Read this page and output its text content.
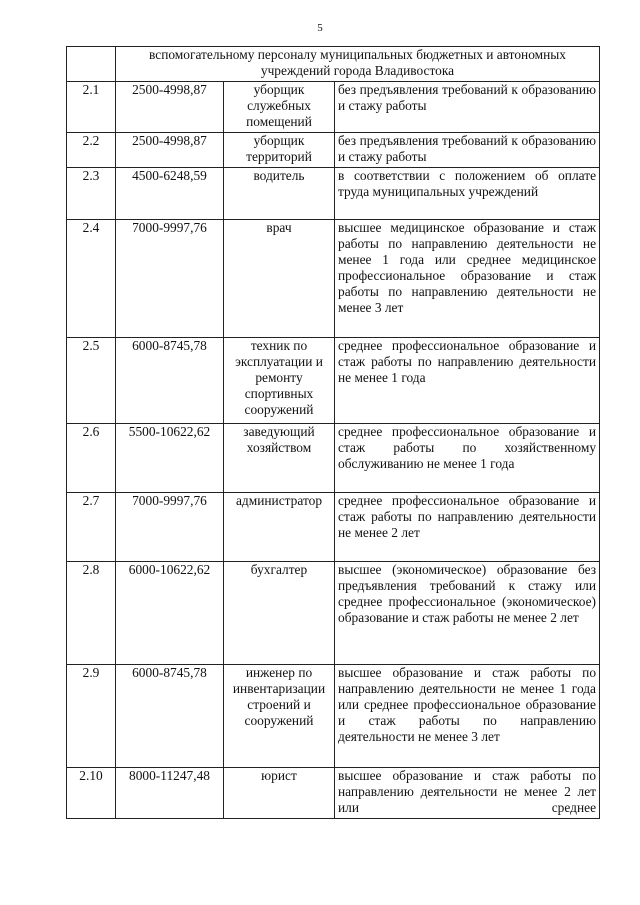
5
	вспомогательному персоналу муниципальных бюджетных и автономных учреждений города Владивостока		
2.1	2500-4998,87	уборщик служебных помещений	без предъявления требований к образованию и стажу работы
2.2	2500-4998,87	уборщик территорий	без предъявления требований к образованию и стажу работы
2.3	4500-6248,59	водитель	в соответствии с положением об оплате труда муниципальных учреждений
2.4	7000-9997,76	врач	высшее медицинское образование и стаж работы по направлению деятельности не менее 1 года или среднее медицинское профессиональное образование и стаж работы по направлению деятельности не менее 3 лет
2.5	6000-8745,78	техник по эксплуатации и ремонту спортивных сооружений	среднее профессиональное образование и стаж работы по направлению деятельности не менее 1 года
2.6	5500-10622,62	заведующий хозяйством	среднее профессиональное образование и стаж работы по хозяйственному обслуживанию не менее 1 года
2.7	7000-9997,76	администратор	среднее профессиональное образование и стаж работы по направлению деятельности не менее 2 лет
2.8	6000-10622,62	бухгалтер	высшее (экономическое) образование без предъявления требований к стажу или среднее профессиональное (экономическое) образование и стаж работы не менее 2 лет
2.9	6000-8745,78	инженер по инвентаризации строений и сооружений	высшее образование и стаж работы по направлению деятельности не менее 1 года или среднее профессиональное образование и стаж работы по направлению деятельности не менее 3 лет
2.10	8000-11247,48	юрист	высшее образование и стаж работы по направлению деятельности не менее 2 лет или среднее
